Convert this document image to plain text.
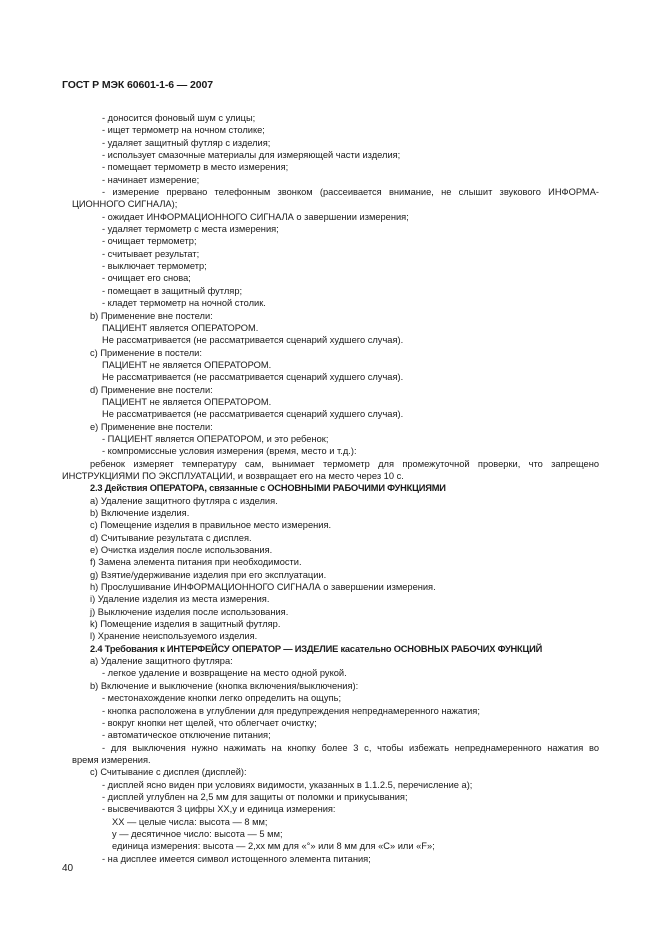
ГОСТ Р МЭК 60601-1-6 — 2007
- доносится фоновый шум с улицы;
- ищет термометр на ночном столике;
- удаляет защитный футляр с изделия;
- использует смазочные материалы для измеряющей части изделия;
- помещает термометр в место измерения;
- начинает измерение;
- измерение прервано телефонным звонком (рассеивается внимание, не слышит звукового ИНФОРМА-
ЦИОННОГО СИГНАЛА);
- ожидает ИНФОРМАЦИОННОГО СИГНАЛА о завершении измерения;
- удаляет термометр с места измерения;
- очищает термометр;
- считывает результат;
- выключает термометр;
- очищает его снова;
- помещает в защитный футляр;
- кладет термометр на ночной столик.
b) Применение вне постели:
ПАЦИЕНТ является ОПЕРАТОРОМ.
Не рассматривается (не рассматривается сценарий худшего случая).
c) Применение в постели:
ПАЦИЕНТ не является ОПЕРАТОРОМ.
Не рассматривается (не рассматривается сценарий худшего случая).
d) Применение вне постели:
ПАЦИЕНТ не является ОПЕРАТОРОМ.
Не рассматривается (не рассматривается сценарий худшего случая).
e) Применение вне постели:
- ПАЦИЕНТ является ОПЕРАТОРОМ, и это ребенок;
- компромиссные условия измерения (время, место и т.д.):
ребенок измеряет температуру сам, вынимает термометр для промежуточной проверки, что запрещено
ИНСТРУКЦИЯМИ ПО ЭКСПЛУАТАЦИИ, и возвращает его на место через 10 с.
2.3 Действия ОПЕРАТОРА, связанные с ОСНОВНЫМИ РАБОЧИМИ ФУНКЦИЯМИ
a) Удаление защитного футляра с изделия.
b) Включение изделия.
c) Помещение изделия в правильное место измерения.
d) Считывание результата с дисплея.
e) Очистка изделия после использования.
f) Замена элемента питания при необходимости.
g) Взятие/удерживание изделия при его эксплуатации.
h) Прослушивание ИНФОРМАЦИОННОГО СИГНАЛА о завершении измерения.
i) Удаление изделия из места измерения.
j) Выключение изделия после использования.
k) Помещение изделия в защитный футляр.
l) Хранение неиспользуемого изделия.
2.4 Требования к ИНТЕРФЕЙСУ ОПЕРАТОР — ИЗДЕЛИЕ касательно ОСНОВНЫХ РАБОЧИХ ФУНКЦИЙ
a) Удаление защитного футляра:
- легкое удаление и возвращение на место одной рукой.
b) Включение и выключение (кнопка включения/выключения):
- местонахождение кнопки легко определить на ощупь;
- кнопка расположена в углублении для предупреждения непреднамеренного нажатия;
- вокруг кнопки нет щелей, что облегчает очистку;
- автоматическое отключение питания;
- для выключения нужно нажимать на кнопку более 3 с, чтобы избежать непреднамеренного нажатия во
время измерения.
c) Считывание с дисплея (дисплей):
- дисплей ясно виден при условиях видимости, указанных в 1.1.2.5, перечисление а);
- дисплей углублен на 2,5 мм для защиты от поломки и прикусывания;
- высвечиваются 3 цифры XX,y и единица измерения:
XX — целые числа: высота — 8 мм;
y — десятичное число: высота — 5 мм;
единица измерения: высота — 2,xx мм для «°» или 8 мм для «С» или «F»;
- на дисплее имеется символ истощенного элемента питания;
40
